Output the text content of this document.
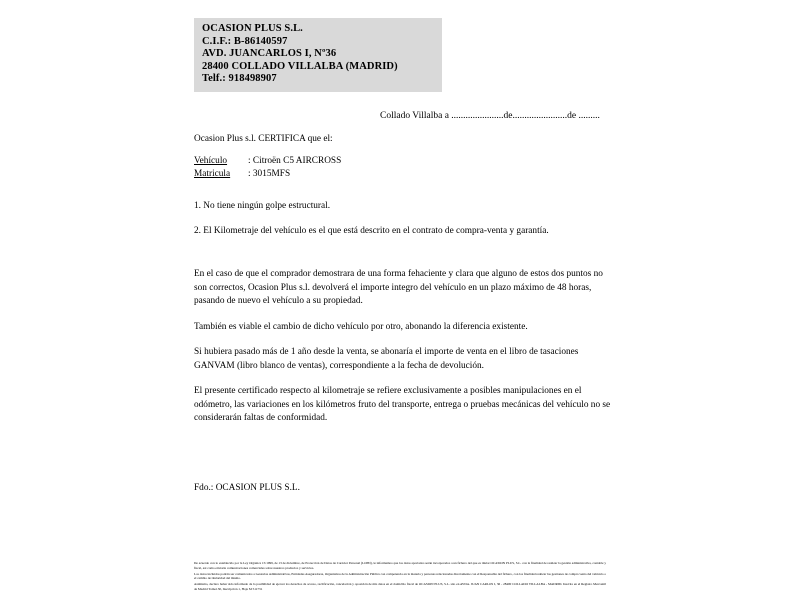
OCASION PLUS S.L.
C.I.F.: B-86140597
AVD. JUANCARLOS I, Nº36
28400 COLLADO VILLALBA (MADRID)
Telf.: 918498907
Collado Villalba a ......................de.......................de .........
Ocasion Plus s.l. CERTIFICA que el:
Vehículo : Citroën C5 AIRCROSS
Matricula : 3015MFS

1. No tiene ningún golpe estructural.

2. El Kilometraje del vehículo es el que está descrito en el contrato de compra-venta y garantía.

En el caso de que el comprador demostrara de una forma fehaciente y clara que alguno de estos dos puntos no son correctos, Ocasion Plus s.l. devolverá el importe integro del vehículo en un plazo máximo de 48 horas, pasando de nuevo el vehículo a su propiedad.

También es viable el cambio de dicho vehículo por otro, abonando la diferencia existente.

Si hubiera pasado más de 1 año desde la venta, se abonaría el importe de venta en el libro de tasaciones GANVAM (libro blanco de ventas), correspondiente a la fecha de devolución.

El presente certificado respecto al kilometraje se refiere exclusivamente a posibles manipulaciones en el odómetro, las variaciones en los kilómetros fruto del transporte, entrega o pruebas mecánicas del vehículo no se considerarán faltas de conformidad.

Fdo.: OCASION PLUS S.L.

De acuerdo con lo establecido por la Ley Orgánica 15/1999, de 13 de diciembre, de Protección de Datos de Carácter Personal (LOPD), le informamos que los datos aportados serán incorporados a un fichero del que es titular OCASION PLUS, S.L. con la finalidad de realizar la gestión administrativa, contable y fiscal, así como enviarle comunicaciones comerciales sobre nuestros productos y servicios.

Los datos incluidos podrán ser comunicados a Gestorías Administrativas, Entidades Aseguradoras, Organismos de la Administración Pública con competencia en la materia y personas relacionadas directamente con el Responsable del fichero, con los finalidad realizar las gestiones de compra venta del vehículo o el cambio de titularidad del mismo.

Asimismo, declaro haber sido informado de la posibilidad de ejercer los derechos de acceso, rectificación, cancelación y oposición de mis datos en el domicilio fiscal de OCASION PLUS, S.L. sito en AVDA. JUAN CARLOS I, 36 - 28400 COLLADO VILLALBA - MADRID. Inscrita en el Registro Mercantil de Madrid Tomo130, Inscripción 1, Hoja M 511731
